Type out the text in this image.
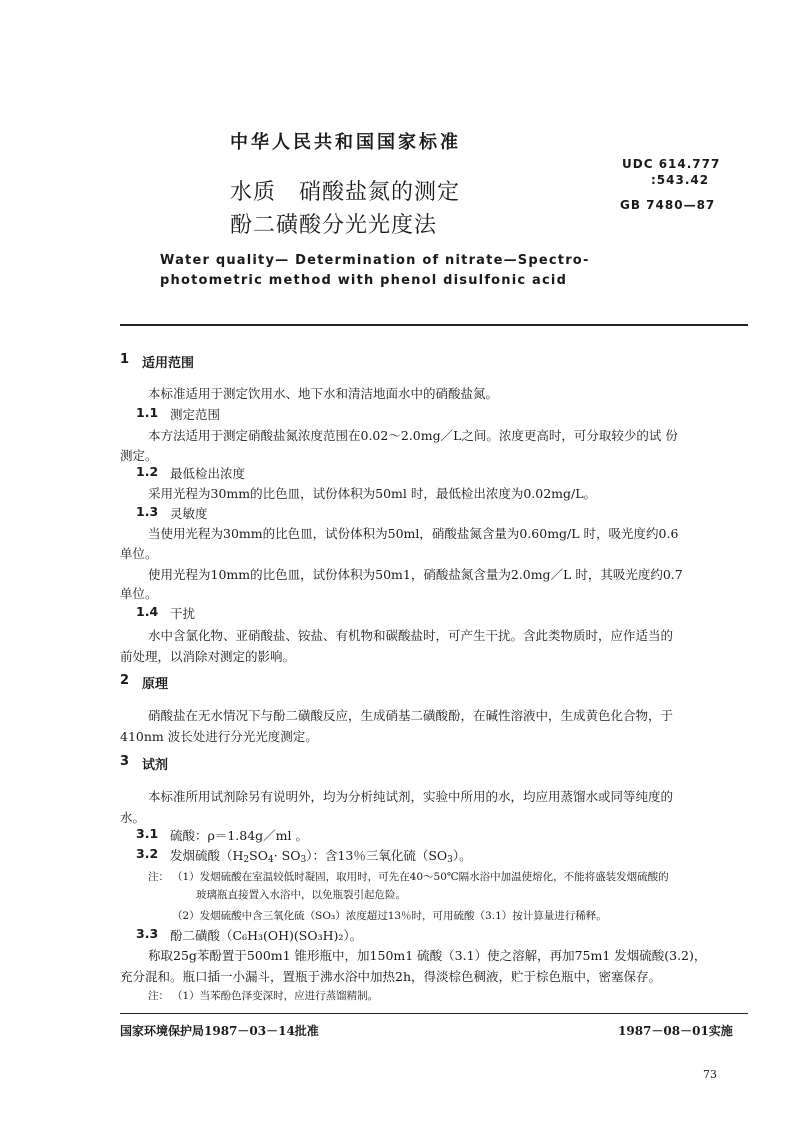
中华人民共和国国家标准
UDC 614.777
:543.42
GB 7480—87
水质　硝酸盐氮的测定
酚二磺酸分光光度法
Water quality— Determination of nitrate—Spectro-
photometric method with phenol disulfonic acid
1 适用范围
本标准适用于测定饮用水、地下水和清洁地面水中的硝酸盐氮。
1.1 测定范围
本方法适用于测定硝酸盐氮浓度范围在0.02～2.0mg／L之间。浓度更高时，可分取较少的试 份
测定。
1.2 最低检出浓度
采用光程为30mm的比色皿，试份体积为50ml 时，最低检出浓度为0.02mg/L。
1.3 灵敏度
当使用光程为30mm的比色皿，试份体积为50ml，硝酸盐氮含量为0.60mg/L 时，吸光度约0.6
单位。
使用光程为10mm的比色皿，试份体积为50m1，硝酸盐氮含量为2.0mg／L 时，其吸光度约0.7
单位。
1.4 干扰
水中含氯化物、亚硝酸盐、铵盐、有机物和碳酸盐时，可产生干扰。含此类物质时，应作适当的
前处理，以消除对测定的影响。
2 原理
硝酸盐在无水情况下与酚二磺酸反应，生成硝基二磺酸酚，在碱性溶液中，生成黄色化合物，于
410nm 波长处进行分光光度测定。
3 试剂
本标准所用试剂除另有说明外，均为分析纯试剂，实验中所用的水，均应用蒸馏水或同等纯度的
水。
3.1 硫酸：ρ＝1.84g／ml 。
3.2 发烟硫酸$(H_2SO_4\cdot SO_3)$：含13％三氧化硫$(SO_3)$。
注： （1）发烟硫酸在室温较低时凝固，取用时，可先在40～50℃隔水浴中加温使熔化，不能将盛装发烟硫酸的
玻璃瓶直接置入水浴中，以免瓶裂引起危险。
（2）发烟硫酸中含三氧化硫（SO₃）浓度超过13％时，可用硫酸（3.1）按计算量进行稀释。
3.3 酚二磺酸（C₆H₃(OH)(SO₃H)₂）。
称取25g苯酚置于500m1 锥形瓶中，加150m1 硫酸（3.1）使之溶解，再加75m1 发烟硫酸(3.2)，
充分混和。瓶口插一小漏斗，置瓶于沸水浴中加热2h，得淡棕色稠液，贮于棕色瓶中，密塞保存。
注： （1）当苯酚色泽变深时，应进行蒸馏精制。
国家环境保护局1987－03－14批准	1987－08－01实施
73
